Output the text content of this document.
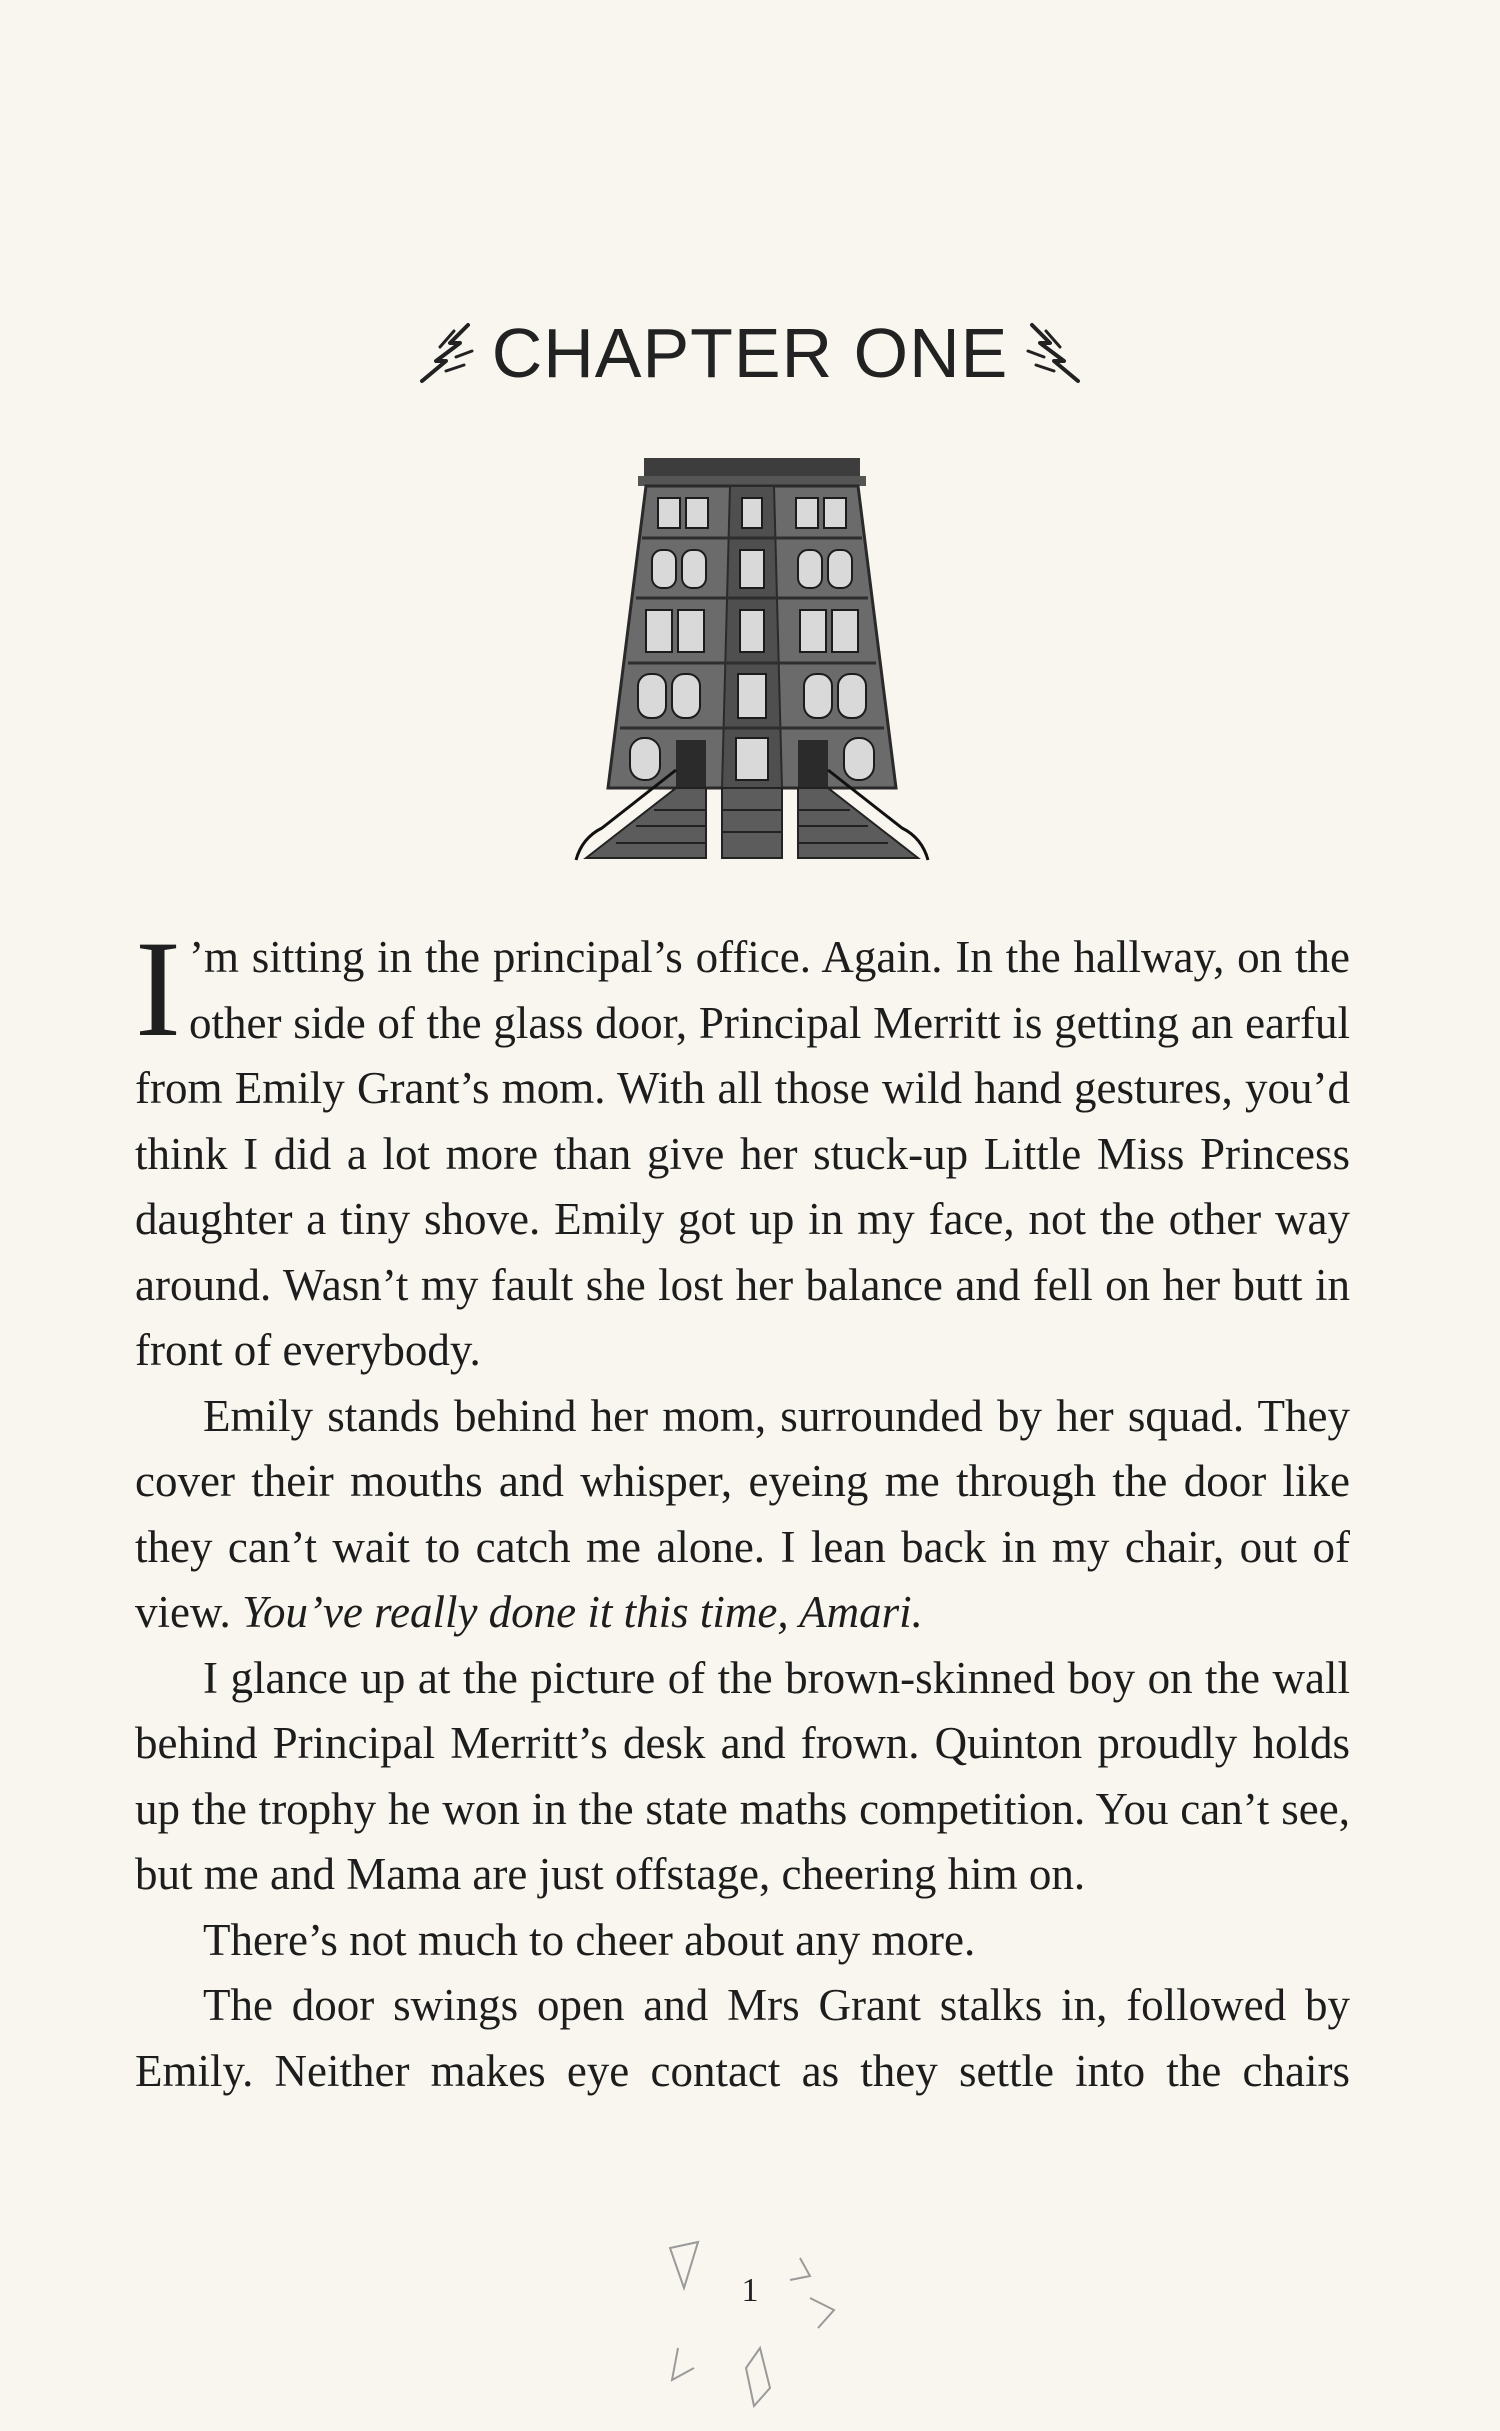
CHAPTER ONE

I ’m sitting in the principal’s office. Again. In the hallway, on the other side of the glass door, Principal Merritt is getting an earful from Emily Grant’s mom. With all those wild hand gestures, you’d think I did a lot more than give her stuck-up Little Miss Princess daughter a tiny shove. Emily got up in my face, not the other way around. Wasn’t my fault she lost her balance and fell on her butt in front of everybody.

Emily stands behind her mom, surrounded by her squad. They cover their mouths and whisper, eyeing me through the door like they can’t wait to catch me alone. I lean back in my chair, out of view. You’ve really done it this time, Amari.

I glance up at the picture of the brown-skinned boy on the wall behind Principal Merritt’s desk and frown. Quinton proudly holds up the trophy he won in the state maths competition. You can’t see, but me and Mama are just offstage, cheering him on.

There’s not much to cheer about any more.

The door swings open and Mrs Grant stalks in, followed by Emily. Neither makes eye contact as they settle into the chairs

1
